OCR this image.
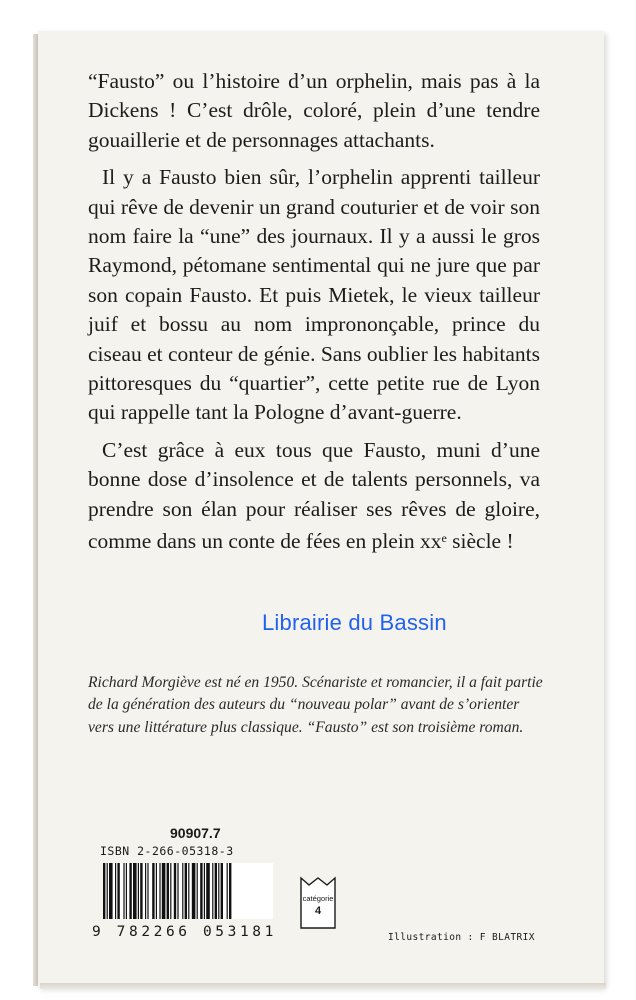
“Fausto” ou l’histoire d’un orphelin, mais pas à la Dickens ! C’est drôle, coloré, plein d’une tendre gouaillerie et de personnages attachants.

Il y a Fausto bien sûr, l’orphelin apprenti tailleur qui rêve de devenir un grand couturier et de voir son nom faire la “une” des journaux. Il y a aussi le gros Raymond, pétomane sentimental qui ne jure que par son copain Fausto. Et puis Mietek, le vieux tailleur juif et bossu au nom imprononçable, prince du ciseau et conteur de génie. Sans oublier les habitants pittoresques du “quartier”, cette petite rue de Lyon qui rappelle tant la Pologne d’avant-guerre.

C’est grâce à eux tous que Fausto, muni d’une bonne dose d’insolence et de talents personnels, va prendre son élan pour réaliser ses rêves de gloire, comme dans un conte de fées en plein $xx^e$ siècle !

Librairie du Bassin
Richard Morgiève est né en 1950. Scénariste et romancier, il a fait partie de la génération des auteurs du “nouveau polar” avant de s’orienter vers une littérature plus classique. “Fausto” est son troisième roman.
90907.7
ISBN 2-266-05318-3
9 782266 053181
catégorie
4
Illustration : F BLATRIX
